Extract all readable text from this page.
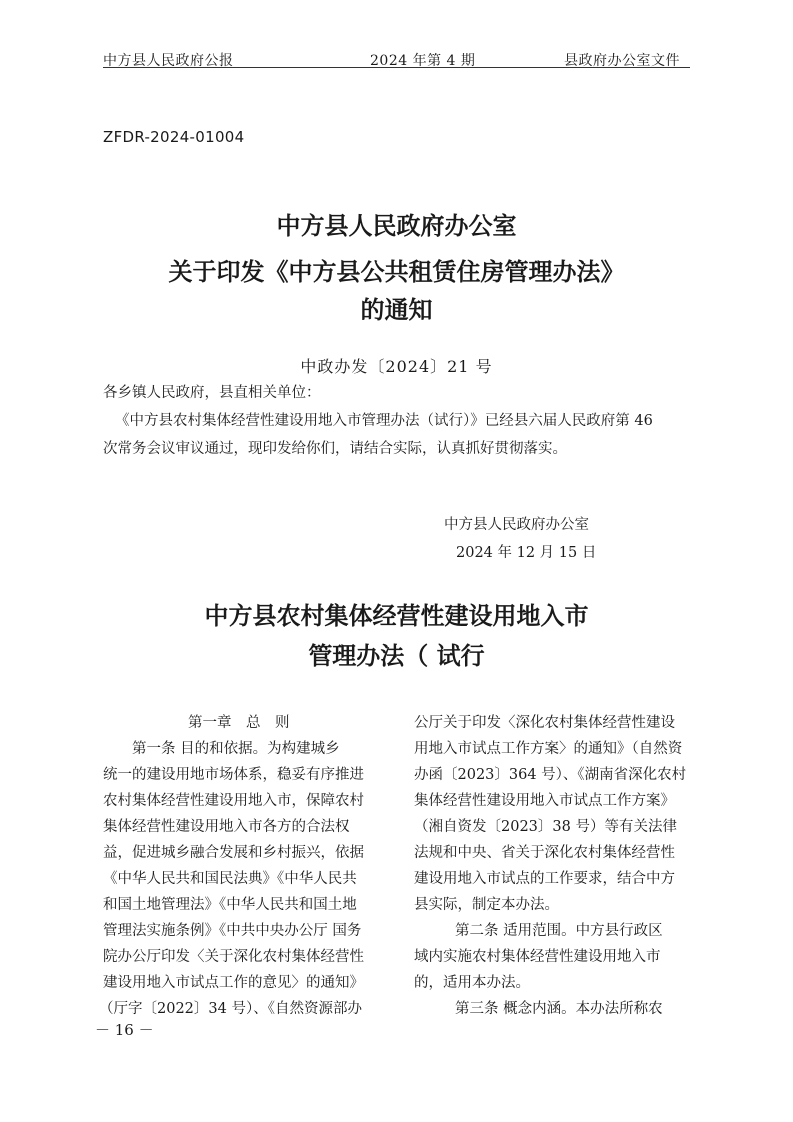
中方县人民政府公报	2024 年第 4 期	县政府办公室文件
ZFDR-2024-01004
中方县人民政府办公室
关于印发《中方县公共租赁住房管理办法》
的通知
中政办发〔2024〕21 号
各乡镇人民政府，县直相关单位：
《中方县农村集体经营性建设用地入市管理办法（试行）》已经县六届人民政府第 46
次常务会议审议通过，现印发给你们，请结合实际，认真抓好贯彻落实。
中方县人民政府办公室
2024 年 12 月 15 日
中方县农村集体经营性建设用地入市
管理办法（ 试行
第一章　总　则
第一条 目的和依据。为构建城乡
统一的建设用地市场体系，稳妥有序推进
农村集体经营性建设用地入市，保障农村
集体经营性建设用地入市各方的合法权
益，促进城乡融合发展和乡村振兴，依据
《中华人民共和国民法典》《中华人民共
和国土地管理法》《中华人民共和国土地
管理法实施条例》《中共中央办公厅 国务
院办公厅印发〈关于深化农村集体经营性
建设用地入市试点工作的意见〉的通知》
（厅字〔2022〕34 号）、《自然资源部办
公厅关于印发〈深化农村集体经营性建设
用地入市试点工作方案〉的通知》（自然资
办函〔2023〕364 号）、《湖南省深化农村
集体经营性建设用地入市试点工作方案》
（湘自资发〔2023〕38 号）等有关法律
法规和中央、省关于深化农村集体经营性
建设用地入市试点的工作要求，结合中方
县实际，制定本办法。
第二条 适用范围。中方县行政区
域内实施农村集体经营性建设用地入市
的，适用本办法。
第三条 概念内涵。本办法所称农
－ 16 －
